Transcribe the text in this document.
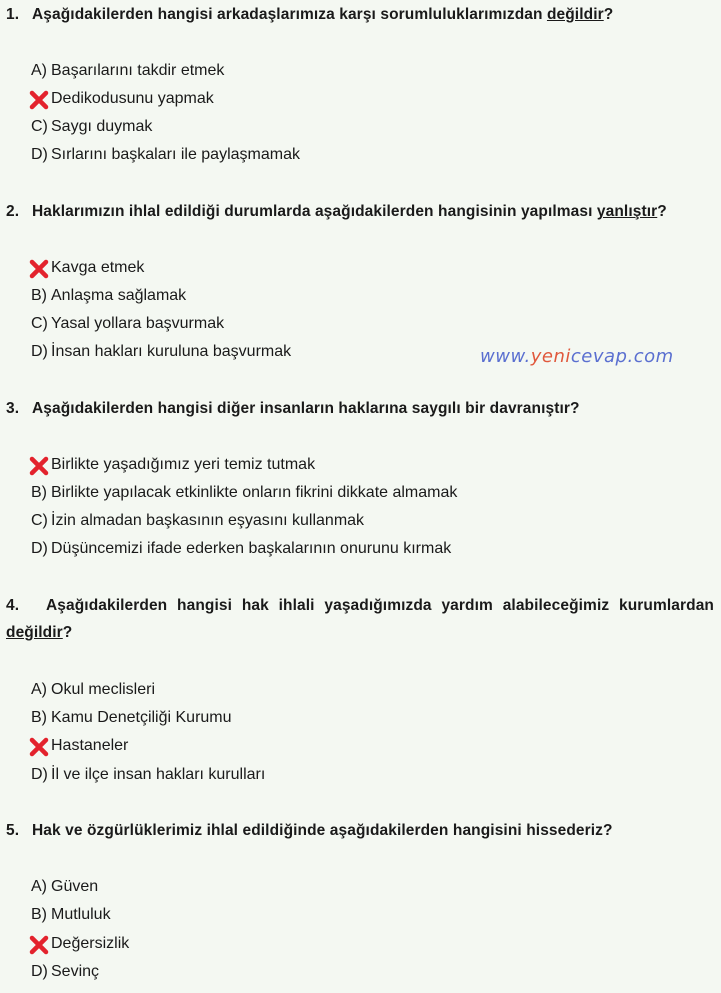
1. Aşağıdakilerden hangisi arkadaşlarımıza karşı sorumluluklarımızdan değildir?
A) Başarılarını takdir etmek
Dedikodusunu yapmak
C) Saygı duymak
D) Sırlarını başkaları ile paylaşmamak
2. Haklarımızın ihlal edildiği durumlarda aşağıdakilerden hangisinin yapılması yanlıştır?
Kavga etmek
B) Anlaşma sağlamak
C) Yasal yollara başvurmak
D) İnsan hakları kuruluna başvurmak	www.yenicevap.com
3. Aşağıdakilerden hangisi diğer insanların haklarına saygılı bir davranıştır?
Birlikte yaşadığımız yeri temiz tutmak
B) Birlikte yapılacak etkinlikte onların fikrini dikkate almamak
C) İzin almadan başkasının eşyasını kullanmak
D) Düşüncemizi ifade ederken başkalarının onurunu kırmak
4. Aşağıdakilerden hangisi hak ihlali yaşadığımızda yardım alabileceğimiz kurumlardan değildir?
A) Okul meclisleri
B) Kamu Denetçiliği Kurumu
Hastaneler
D) İl ve ilçe insan hakları kurulları
5. Hak ve özgürlüklerimiz ihlal edildiğinde aşağıdakilerden hangisini hissederiz?
A) Güven
B) Mutluluk
Değersizlik
D) Sevinç
